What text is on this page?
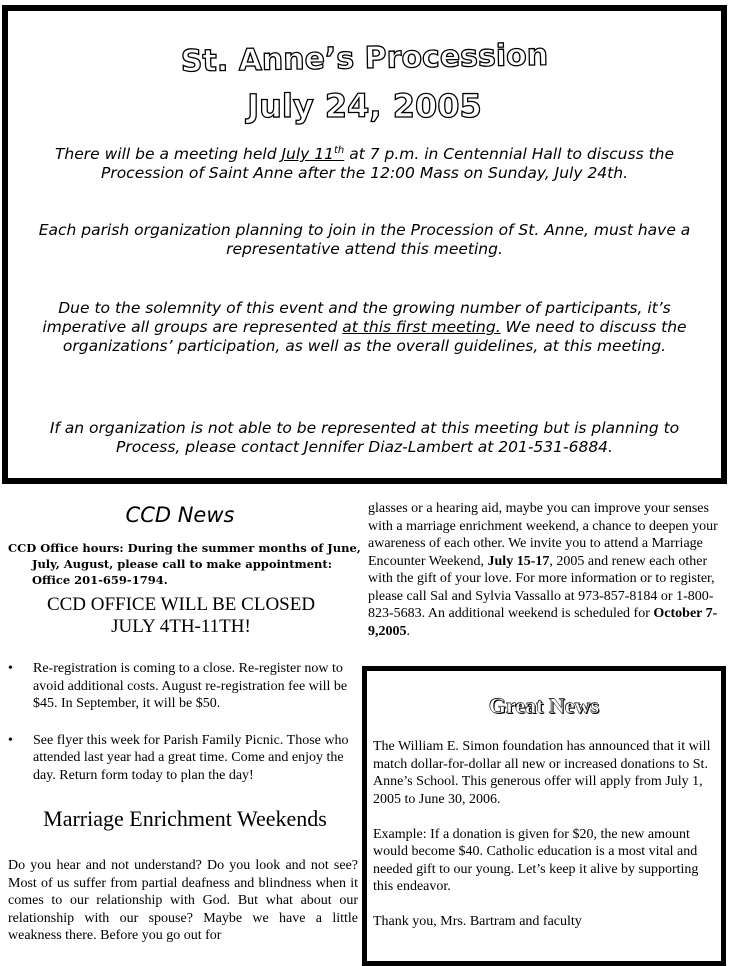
St. Anne’s Procession
July 24, 2005
There will be a meeting held July 11th at 7 p.m. in Centennial Hall to discuss the Procession of Saint Anne after the 12:00 Mass on Sunday, July 24th.
Each parish organization planning to join in the Procession of St. Anne, must have a representative attend this meeting.
Due to the solemnity of this event and the growing number of participants, it’s imperative all groups are represented at this first meeting. We need to discuss the organizations’ participation, as well as the overall guidelines, at this meeting.
If an organization is not able to be represented at this meeting but is planning to Process, please contact Jennifer Diaz-Lambert at 201-531-6884.
CCD News
CCD Office hours: During the summer months of June, July, August, please call to make appointment: Office 201-659-1794.
CCD OFFICE WILL BE CLOSED
JULY 4TH-11TH!
• Re-registration is coming to a close. Re-register now to avoid additional costs. August re-registration fee will be $45. In September, it will be $50.
• See flyer this week for Parish Family Picnic. Those who attended last year had a great time. Come and enjoy the day. Return form today to plan the day!
Marriage Enrichment Weekends
Do you hear and not understand? Do you look and not see? Most of us suffer from partial deafness and blindness when it comes to our relationship with God. But what about our relationship with our spouse? Maybe we have a little weakness there. Before you go out for
glasses or a hearing aid, maybe you can improve your senses with a marriage enrichment weekend, a chance to deepen your awareness of each other. We invite you to attend a Marriage Encounter Weekend, July 15-17, 2005 and renew each other with the gift of your love. For more information or to register, please call Sal and Sylvia Vassallo at 973-857-8184 or 1-800-823-5683. An additional weekend is scheduled for October 7-9,2005.
Great News

The William E. Simon foundation has announced that it will match dollar-for-dollar all new or increased donations to St. Anne’s School. This generous offer will apply from July 1, 2005 to June 30, 2006.

Example: If a donation is given for $20, the new amount would become $40. Catholic education is a most vital and needed gift to our young. Let’s keep it alive by supporting this endeavor.

Thank you, Mrs. Bartram and faculty
